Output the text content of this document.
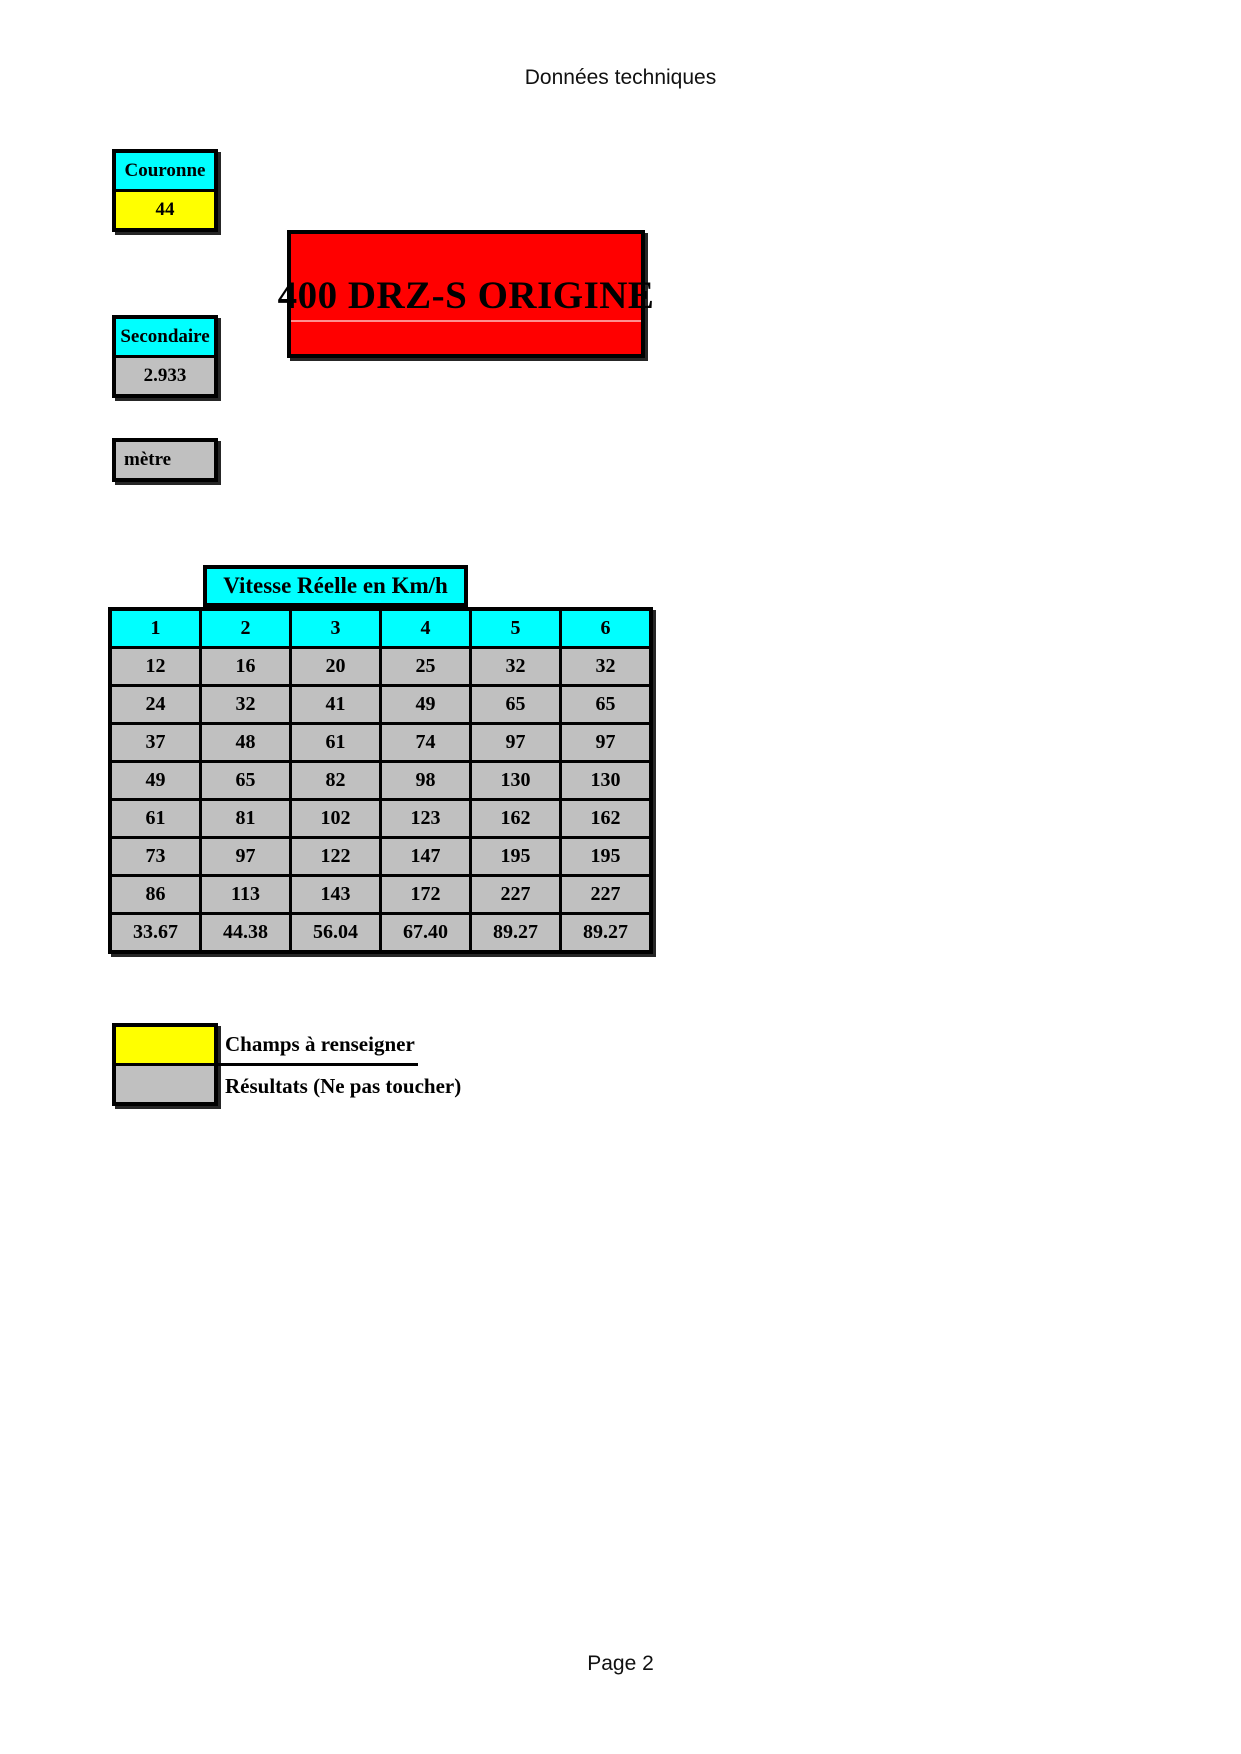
Données techniques
Couronne
44
400 DRZ-S ORIGINE
Secondaire
2.933
mètre
Vitesse Réelle en Km/h
1	2	3	4	5	6
12	16	20	25	32	32
24	32	41	49	65	65
37	48	61	74	97	97
49	65	82	98	130	130
61	81	102	123	162	162
73	97	122	147	195	195
86	113	143	172	227	227
33.67	44.38	56.04	67.40	89.27	89.27
Champs à renseigner
Résultats (Ne pas toucher)
Page 2
